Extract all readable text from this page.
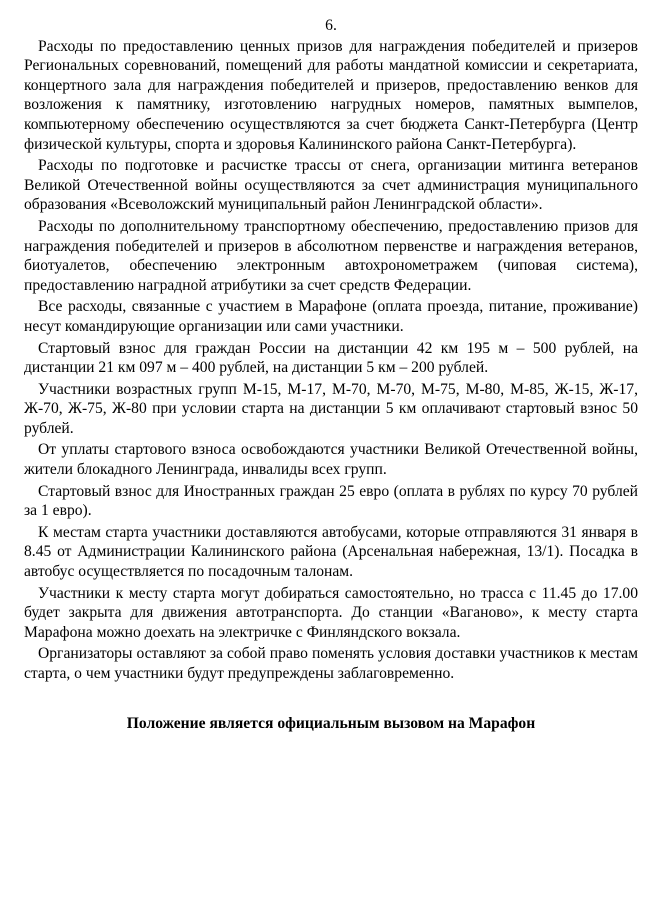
6.

Расходы по предоставлению ценных призов для награждения победителей и призеров Региональных соревнований, помещений для работы мандатной комиссии и секретариата, концертного зала для награждения победителей и призеров, предоставлению венков для возложения к памятнику, изготовлению нагрудных номеров, памятных вымпелов, компьютерному обеспечению осуществляются за счет бюджета Санкт-Петербурга (Центр физической культуры, спорта и здоровья Калининского района Санкт-Петербурга).

Расходы по подготовке и расчистке трассы от снега, организации митинга ветеранов Великой Отечественной войны осуществляются за счет администрация муниципального образования «Всеволожский муниципальный район Ленинградской области».

Расходы по дополнительному транспортному обеспечению, предоставлению призов для награждения победителей и призеров в абсолютном первенстве и награждения ветеранов, биотуалетов, обеспечению электронным автохронометражем (чиповая система), предоставлению наградной атрибутики за счет средств Федерации.

Все расходы, связанные с участием в Марафоне (оплата проезда, питание, проживание) несут командирующие организации или сами участники.

Стартовый взнос для граждан России на дистанции 42 км 195 м – 500 рублей, на дистанции 21 км 097 м – 400 рублей, на дистанции 5 км – 200 рублей.

Участники возрастных групп М-15, М-17, М-70, М-70, М-75, М-80, М-85, Ж-15, Ж-17, Ж-70, Ж-75, Ж-80 при условии старта на дистанции 5 км оплачивают стартовый взнос 50 рублей.

От уплаты стартового взноса освобождаются участники Великой Отечественной войны, жители блокадного Ленинграда, инвалиды всех групп.

Стартовый взнос для Иностранных граждан 25 евро (оплата в рублях по курсу 70 рублей за 1 евро).

К местам старта участники доставляются автобусами, которые отправляются 31 января в 8.45 от Администрации Калининского района (Арсенальная набережная, 13/1). Посадка в автобус осуществляется по посадочным талонам.

Участники к месту старта могут добираться самостоятельно, но трасса с 11.45 до 17.00 будет закрыта для движения автотранспорта. До станции «Ваганово», к месту старта Марафона можно доехать на электричке с Финляндского вокзала.

Организаторы оставляют за собой право поменять условия доставки участников к местам старта, о чем участники будут предупреждены заблаговременно.

Положение является официальным вызовом на Марафон
